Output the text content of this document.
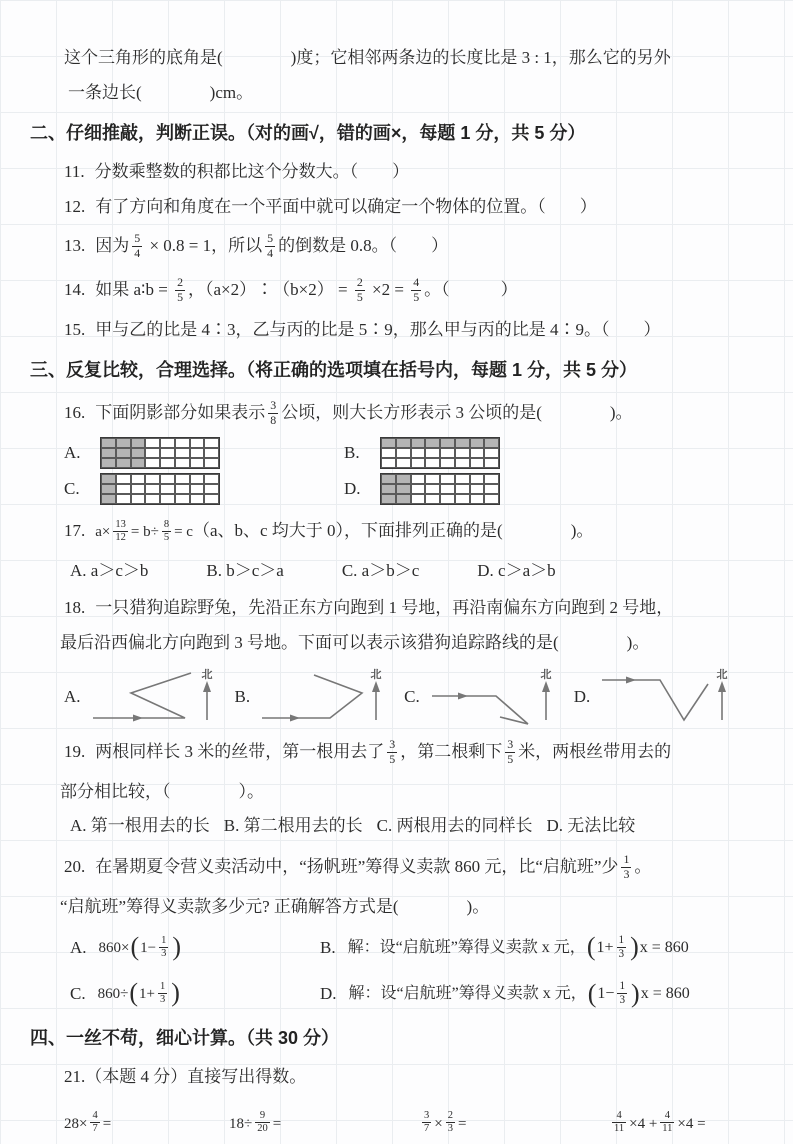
这个三角形的底角是(　　　　)度；它相邻两条边的长度比是 3 : 1，那么它的另外

一条边长(　　　　)cm。

二、仔细推敲，判断正误。（对的画√，错的画×，每题 1 分，共 5 分）

11. 分数乘整数的积都比这个分数大。（　　）

12. 有了方向和角度在一个平面中就可以确定一个物体的位置。（　　）

13. 因为 $\frac{5}{4} \times 0.8 = 1$，所以 $\frac{5}{4}$ 的倒数是 0.8。（　　）

14. 如果 a∶b = $\frac{2}{5}$ ，（a×2）∶（b×2） = $\frac{2}{5} \times 2 = \frac{4}{5}$ 。（　　　）

15. 甲与乙的比是 4∶3，乙与丙的比是 5∶9，那么甲与丙的比是 4∶9。（　　）

三、反复比较，合理选择。（将正确的选项填在括号内，每题 1 分，共 5 分）

16. 下面阴影部分如果表示 $\frac{3}{8}$ 公顷，则大长方形表示 3 公顷的是(　　　　)。

A.	B.
C.	D.

17. $a\times \frac{13}{12} = b\div \frac{8}{5} = c(a$、b、c 均大于 0），下面排列正确的是(　　　　)。

A. a＞c＞b	B. b＞c＞a	C. a＞b＞c	D. c＞a＞b

18. 一只猎狗追踪野兔，先沿正东方向跑到 1 号地，再沿南偏东方向跑到 2 号地，

最后沿西偏北方向跑到 3 号地。下面可以表示该猎狗追踪路线的是(　　　　)。

A.
北
B.
北
C.
北
D.
北

19. 两根同样长 3 米的丝带，第一根用去了 $\frac{3}{5}$ ，第二根剩下 $\frac{3}{5}$ 米，两根丝带用去的

部分相比较，（　　　　）。

A. 第一根用去的长 B. 第二根用去的长 C. 两根用去的同样长 D. 无法比较

20. 在暑期夏令营义卖活动中，“扬帆班”筹得义卖款 860 元，比“启航班”少 $\frac{1}{3}$ 。

“启航班”筹得义卖款多少元? 正确解答方式是(　　　　)。

A. 860× ( $1- \frac{1}{3}$ )	B. 解：设“启航班”筹得义卖款 x 元，$(1+ \frac{1}{3} )x = 860$
C. 860÷ ( $1+ \frac{1}{3}$ )	D. 解：设“启航班”筹得义卖款 x 元，$(1- \frac{1}{3} )x = 860$

四、一丝不苟，细心计算。（共 30 分）

21.（本题 4 分）直接写出得数。

$28\times \frac{4}{7}$ =	$18\div \frac{9}{20}$ =	$\frac{3}{7} \times \frac{2}{3}$ =	$\frac{4}{11} \times 4 + \frac{4}{11} \times 4$ =
